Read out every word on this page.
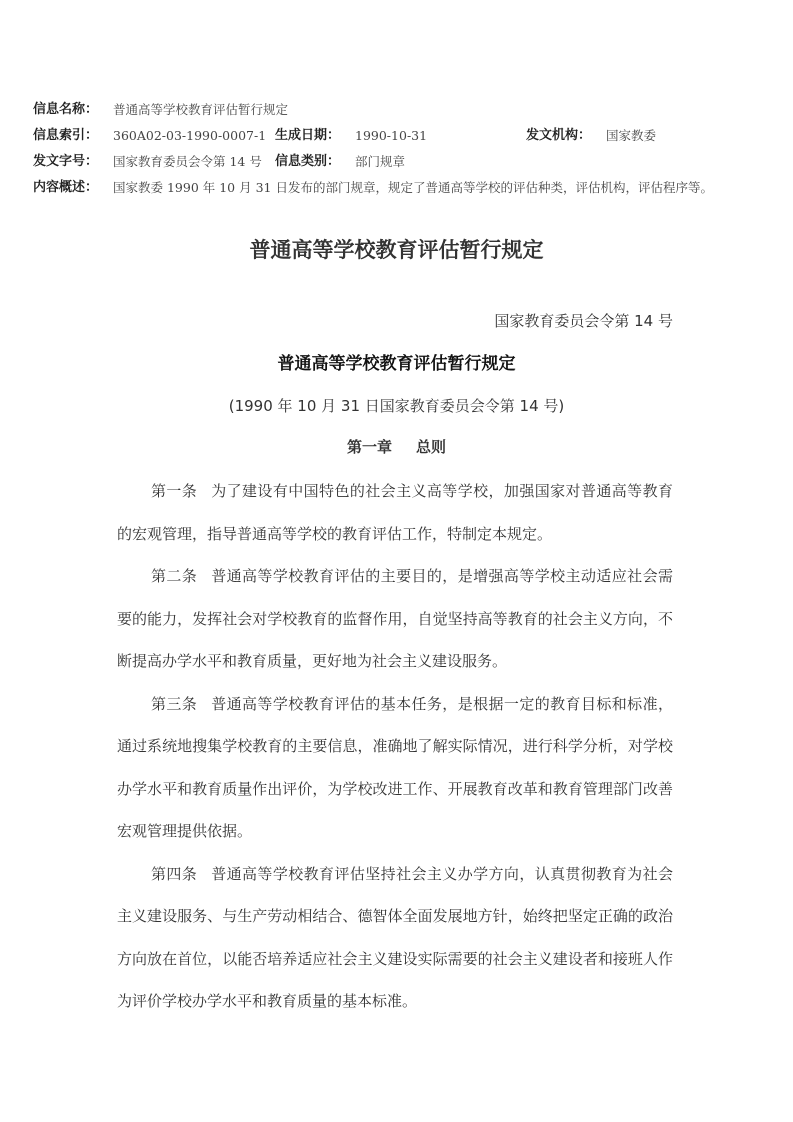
信息名称： 普通高等学校教育评估暂行规定
信息索引： 360A02-03-1990-0007-1 生成日期： 1990-10-31	发文机构： 国家教委
发文字号： 国家教育委员会令第 14 号 信息类别： 部门规章
内容概述： 国家教委 1990 年 10 月 31 日发布的部门规章，规定了普通高等学校的评估种类，评估机构，评估程序等。
普通高等学校教育评估暂行规定
国家教育委员会令第 14 号
普通高等学校教育评估暂行规定
(1990 年 10 月 31 日国家教育委员会令第 14 号)
第一章 总则

第一条 为了建设有中国特色的社会主义高等学校，加强国家对普通高等教育的宏观管理，指导普通高等学校的教育评估工作，特制定本规定。

第二条 普通高等学校教育评估的主要目的，是增强高等学校主动适应社会需要的能力，发挥社会对学校教育的监督作用，自觉坚持高等教育的社会主义方向，不断提高办学水平和教育质量，更好地为社会主义建设服务。

第三条 普通高等学校教育评估的基本任务，是根据一定的教育目标和标准，通过系统地搜集学校教育的主要信息，准确地了解实际情况，进行科学分析，对学校办学水平和教育质量作出评价，为学校改进工作、开展教育改革和教育管理部门改善宏观管理提供依据。

第四条 普通高等学校教育评估坚持社会主义办学方向，认真贯彻教育为社会主义建设服务、与生产劳动相结合、德智体全面发展地方针，始终把坚定正确的政治方向放在首位，以能否培养适应社会主义建设实际需要的社会主义建设者和接班人作为评价学校办学水平和教育质量的基本标准。
